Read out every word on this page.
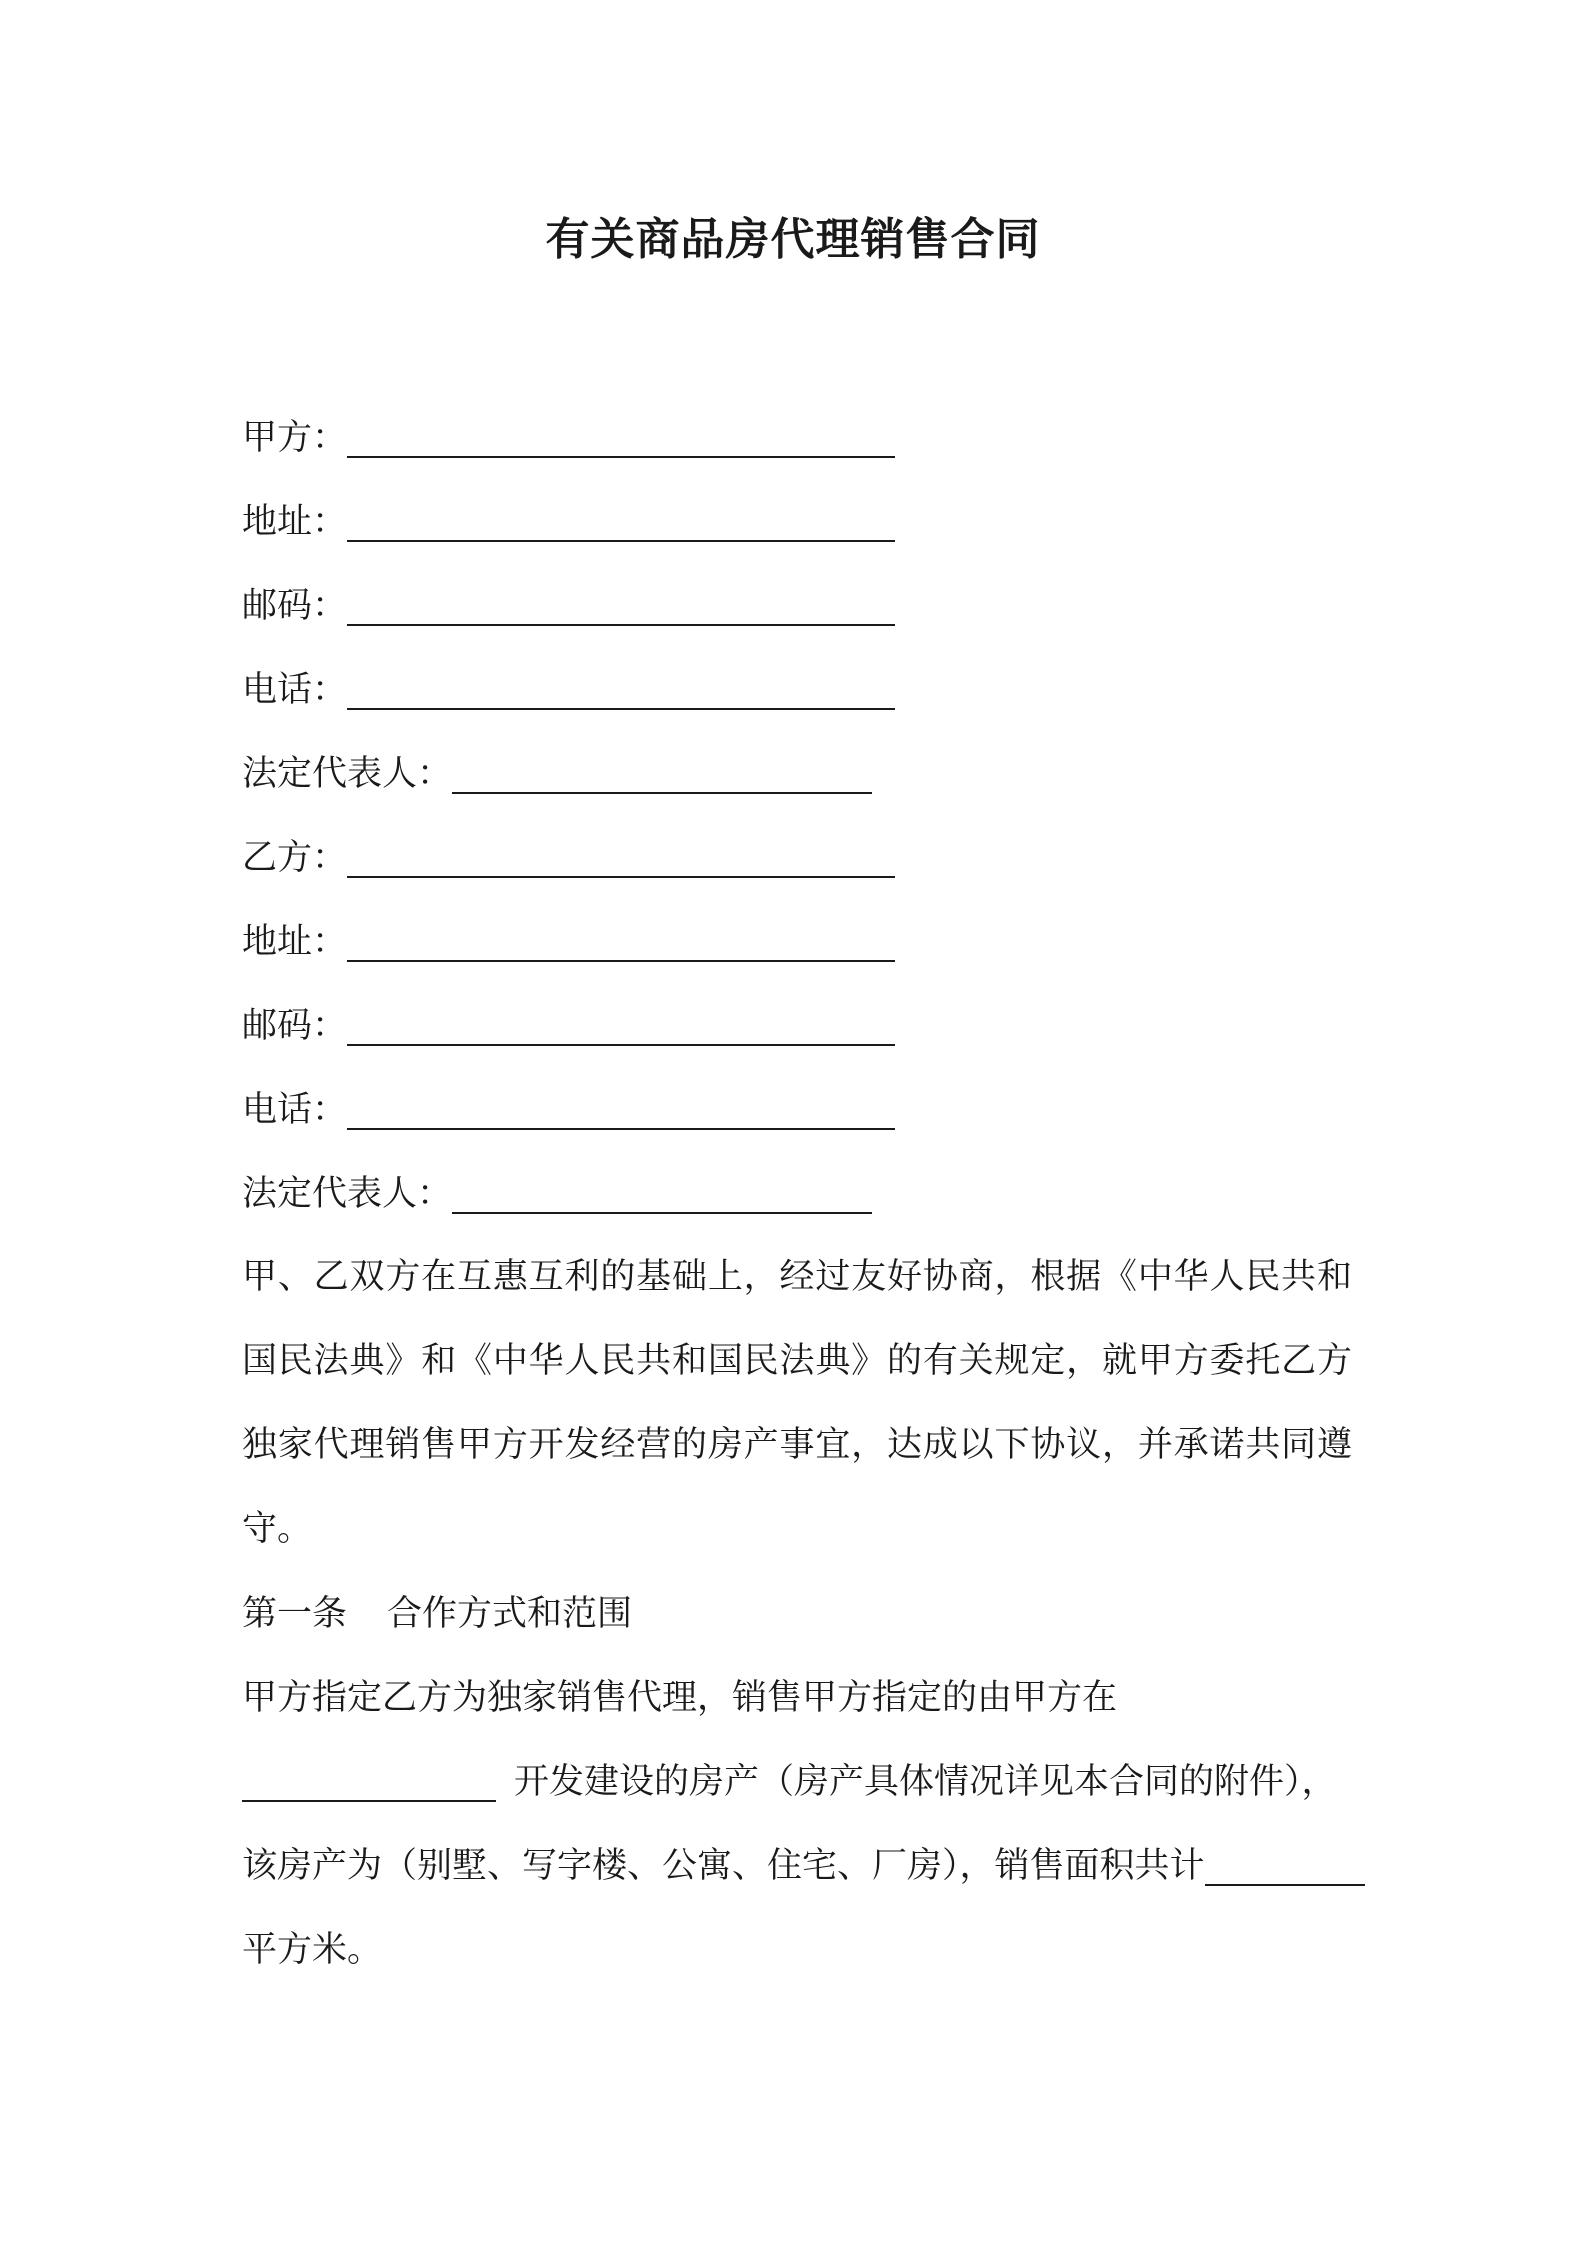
有关商品房代理销售合同
甲方：
地址：
邮码：
电话：
法定代表人：
乙方：
地址：
邮码：
电话：
法定代表人：
甲、乙双方在互惠互利的基础上，经过友好协商，根据《中华人民共和国民法典》和《中华人民共和国民法典》的有关规定，就甲方委托乙方独家代理销售甲方开发经营的房产事宜，达成以下协议，并承诺共同遵守。
第一条 合作方式和范围
甲方指定乙方为独家销售代理，销售甲方指定的由甲方在
开发建设的房产（房产具体情况详见本合同的附件），
该房产为（别墅、写字楼、公寓、住宅、厂房），销售面积共计
平方米。
